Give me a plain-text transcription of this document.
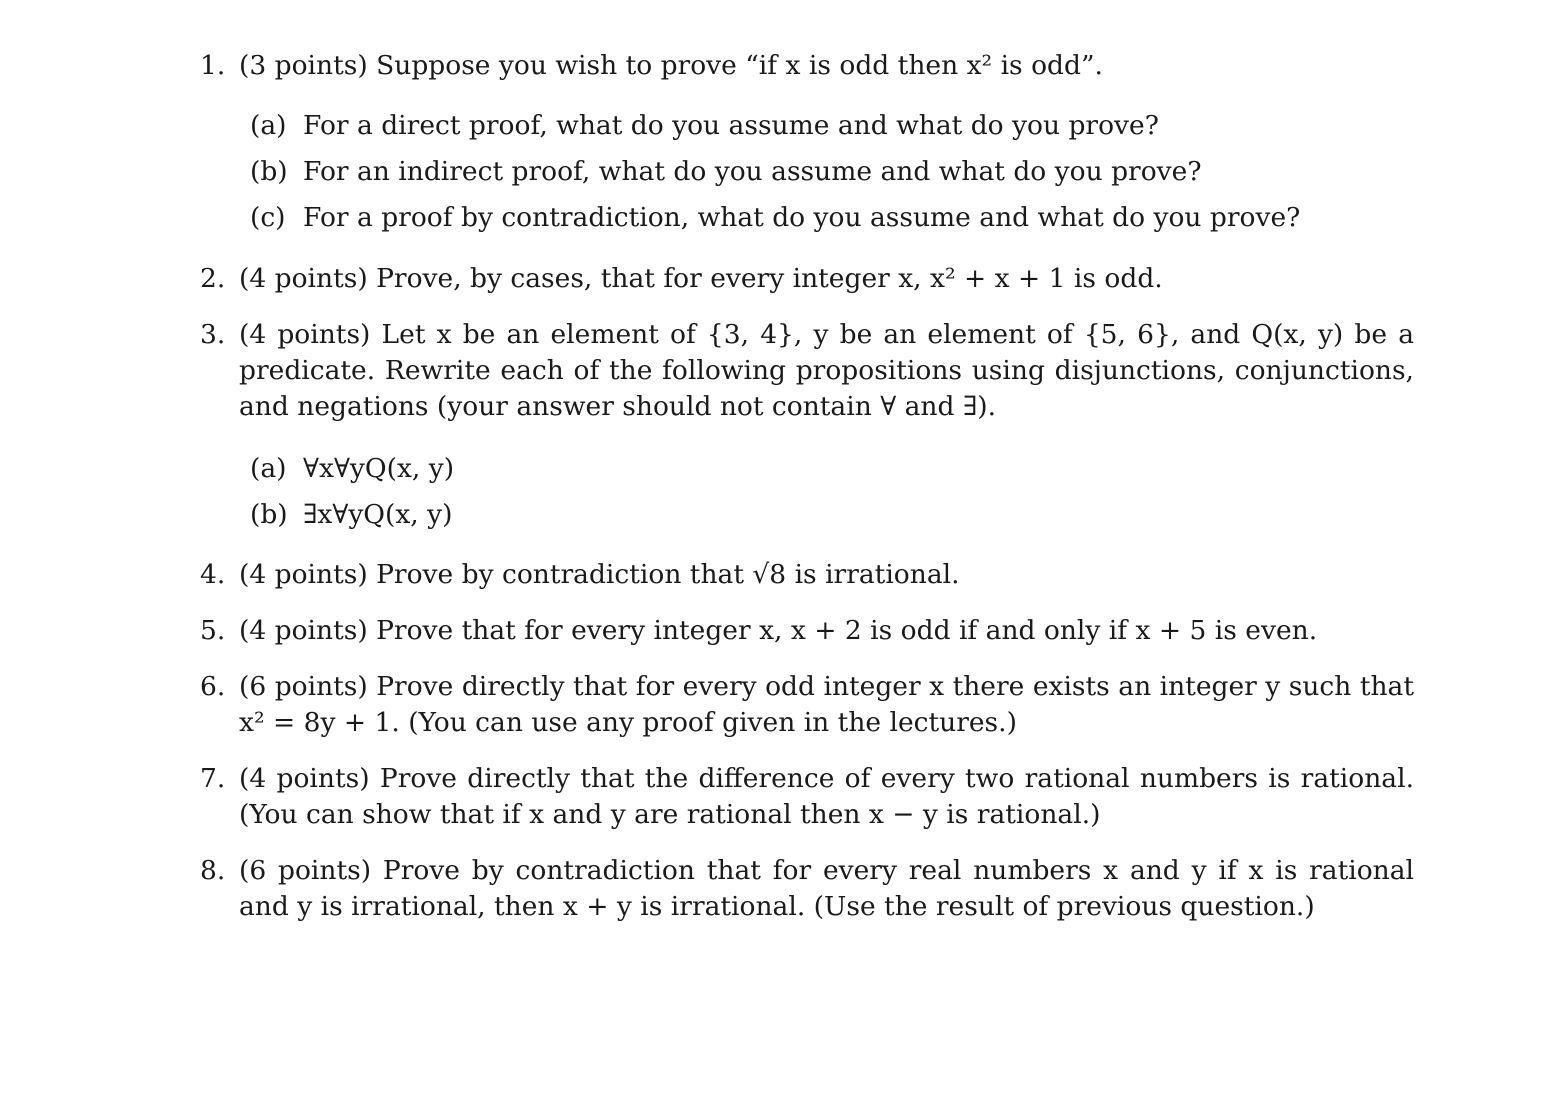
1. (3 points) Suppose you wish to prove “if x is odd then x² is odd”.
(a) For a direct proof, what do you assume and what do you prove?
(b) For an indirect proof, what do you assume and what do you prove?
(c) For a proof by contradiction, what do you assume and what do you prove?
2. (4 points) Prove, by cases, that for every integer x, x² + x + 1 is odd.
3. (4 points) Let x be an element of {3, 4}, y be an element of {5, 6}, and Q(x, y) be a predicate. Rewrite each of the following propositions using disjunctions, conjunctions, and negations (your answer should not contain ∀ and ∃).
(a) ∀x∀yQ(x, y)
(b) ∃x∀yQ(x, y)
4. (4 points) Prove by contradiction that √8 is irrational.
5. (4 points) Prove that for every integer x, x + 2 is odd if and only if x + 5 is even.
6. (6 points) Prove directly that for every odd integer x there exists an integer y such that x² = 8y + 1. (You can use any proof given in the lectures.)
7. (4 points) Prove directly that the difference of every two rational numbers is rational. (You can show that if x and y are rational then x − y is rational.)
8. (6 points) Prove by contradiction that for every real numbers x and y if x is rational and y is irrational, then x + y is irrational. (Use the result of previous question.)
